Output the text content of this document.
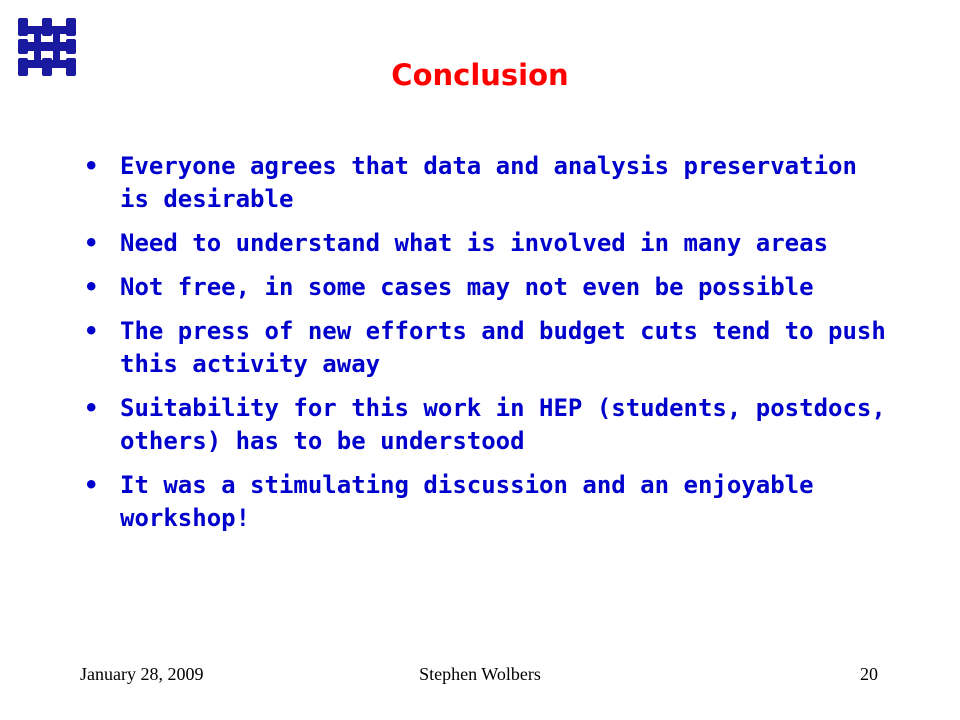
Conclusion
• Everyone agrees that data and analysis preservation is desirable
• Need to understand what is involved in many areas
• Not free, in some cases may not even be possible
• The press of new efforts and budget cuts tend to push this activity away
• Suitability for this work in HEP (students, postdocs, others) has to be understood
• It was a stimulating discussion and an enjoyable workshop!
January 28, 2009	Stephen Wolbers	20
